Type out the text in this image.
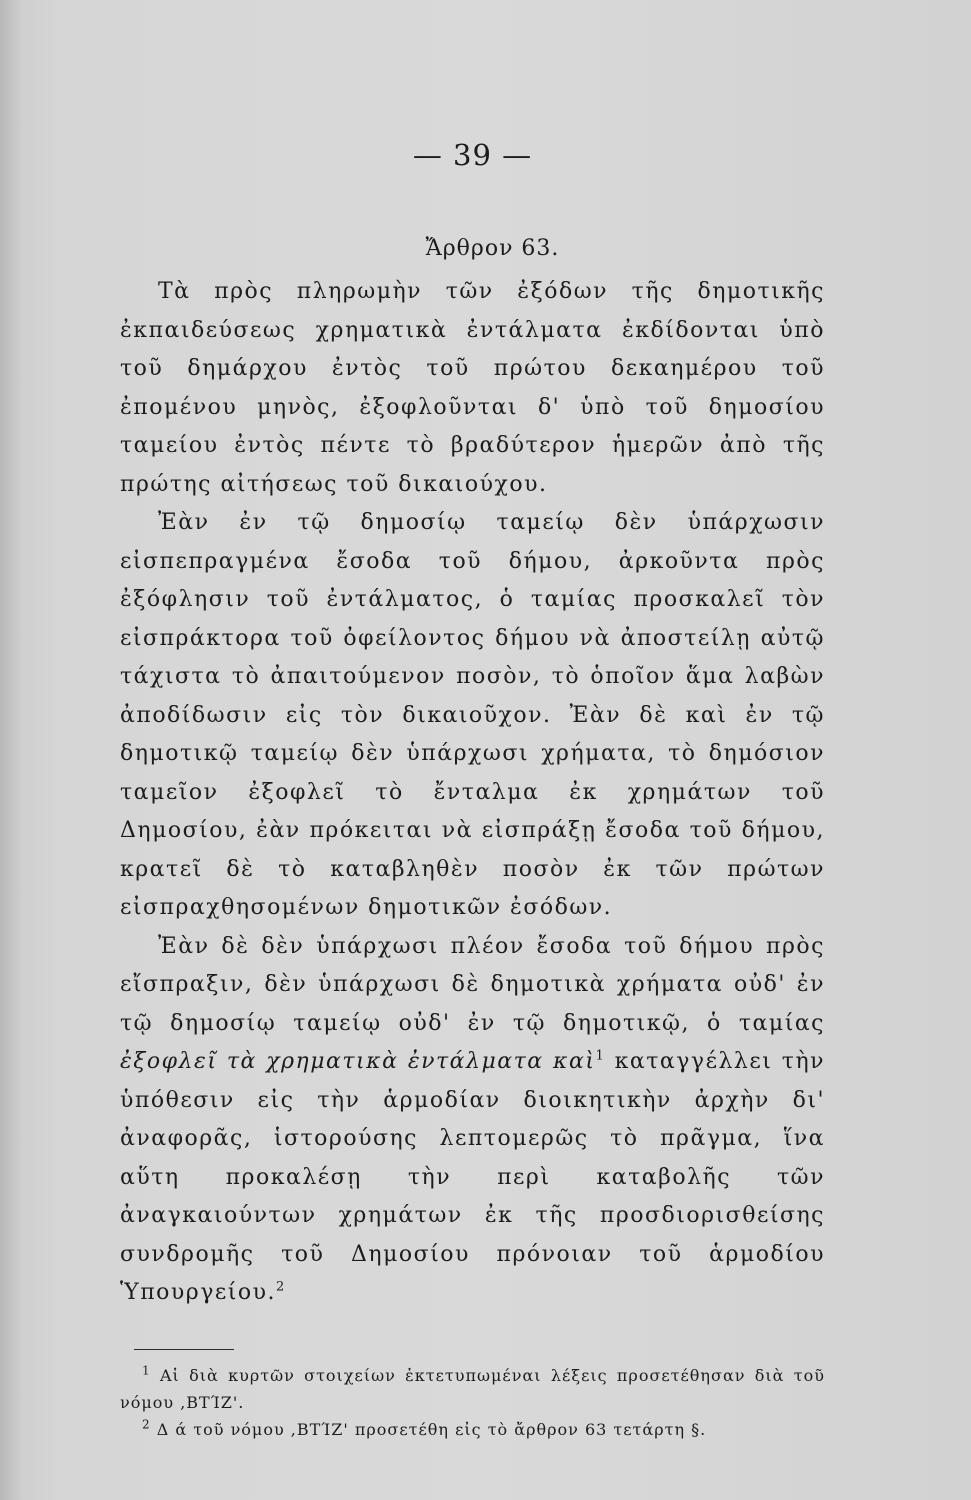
— 39 —
Ἄρθρον 63.

Τὰ πρὸς πληρωμὴν τῶν ἐξόδων τῆς δημοτικῆς ἐκπαιδεύσεως χρηματικὰ ἐντάλματα ἐκδίδονται ὑπὸ τοῦ δημάρχου ἐντὸς τοῦ πρώτου δεκαημέρου τοῦ ἐπομένου μηνὸς, ἐξοφλοῦνται δ' ὑπὸ τοῦ δημοσίου ταμείου ἐντὸς πέντε τὸ βραδύτερον ἡμερῶν ἀπὸ τῆς πρώτης αἰτήσεως τοῦ δικαιούχου.

Ἐὰν ἐν τῷ δημοσίῳ ταμείῳ δὲν ὑπάρχωσιν εἰσπεπραγμένα ἔσοδα τοῦ δήμου, ἀρκοῦντα πρὸς ἐξόφλησιν τοῦ ἐντάλματος, ὁ ταμίας προσκαλεῖ τὸν εἰσπράκτορα τοῦ ὀφείλοντος δήμου νὰ ἀποστείλῃ αὐτῷ τάχιστα τὸ ἀπαιτούμενον ποσὸν, τὸ ὁποῖον ἅμα λαβὼν ἀποδίδωσιν εἰς τὸν δικαιοῦχον. Ἐὰν δὲ καὶ ἐν τῷ δημοτικῷ ταμείῳ δὲν ὑπάρχωσι χρήματα, τὸ δημόσιον ταμεῖον ἐξοφλεῖ τὸ ἔνταλμα ἐκ χρημάτων τοῦ Δημοσίου, ἐὰν πρόκειται νὰ εἰσπράξῃ ἔσοδα τοῦ δήμου, κρατεῖ δὲ τὸ καταβληθὲν ποσὸν ἐκ τῶν πρώτων εἰσπραχθησομένων δημοτικῶν ἐσόδων.

Ἐὰν δὲ δὲν ὑπάρχωσι πλέον ἔσοδα τοῦ δήμου πρὸς εἴσπραξιν, δὲν ὑπάρχωσι δὲ δημοτικὰ χρήματα οὐδ' ἐν τῷ δημοσίῳ ταμείῳ οὐδ' ἐν τῷ δημοτικῷ, ὁ ταμίας ἐξοφλεῖ τὰ χρηματικὰ ἐντάλματα καὶ$^1$ καταγγέλλει τὴν ὑπόθεσιν εἰς τὴν ἁρμοδίαν διοικητικὴν ἀρχὴν δι' ἀναφορᾶς, ἱστορούσης λεπτομερῶς τὸ πρᾶγμα, ἵνα αὕτη προκαλέσῃ τὴν περὶ καταβολῆς τῶν ἀναγκαιούντων χρημάτων ἐκ τῆς προσδιορισθείσης συνδρομῆς τοῦ Δημοσίου πρόνοιαν τοῦ ἁρμοδίου Ὑπουργείου.$^2$

$^1$ Αἱ διὰ κυρτῶν στοιχείων ἐκτετυπωμέναι λέξεις προσετέθησαν διὰ τοῦ νόμου ,ΒΤΊΖ'.

$^2$ Δ ά τοῦ νόμου ,ΒΤΊΖ' προσετέθη εἰς τὸ ἄρθρον 63 τετάρτη §.
